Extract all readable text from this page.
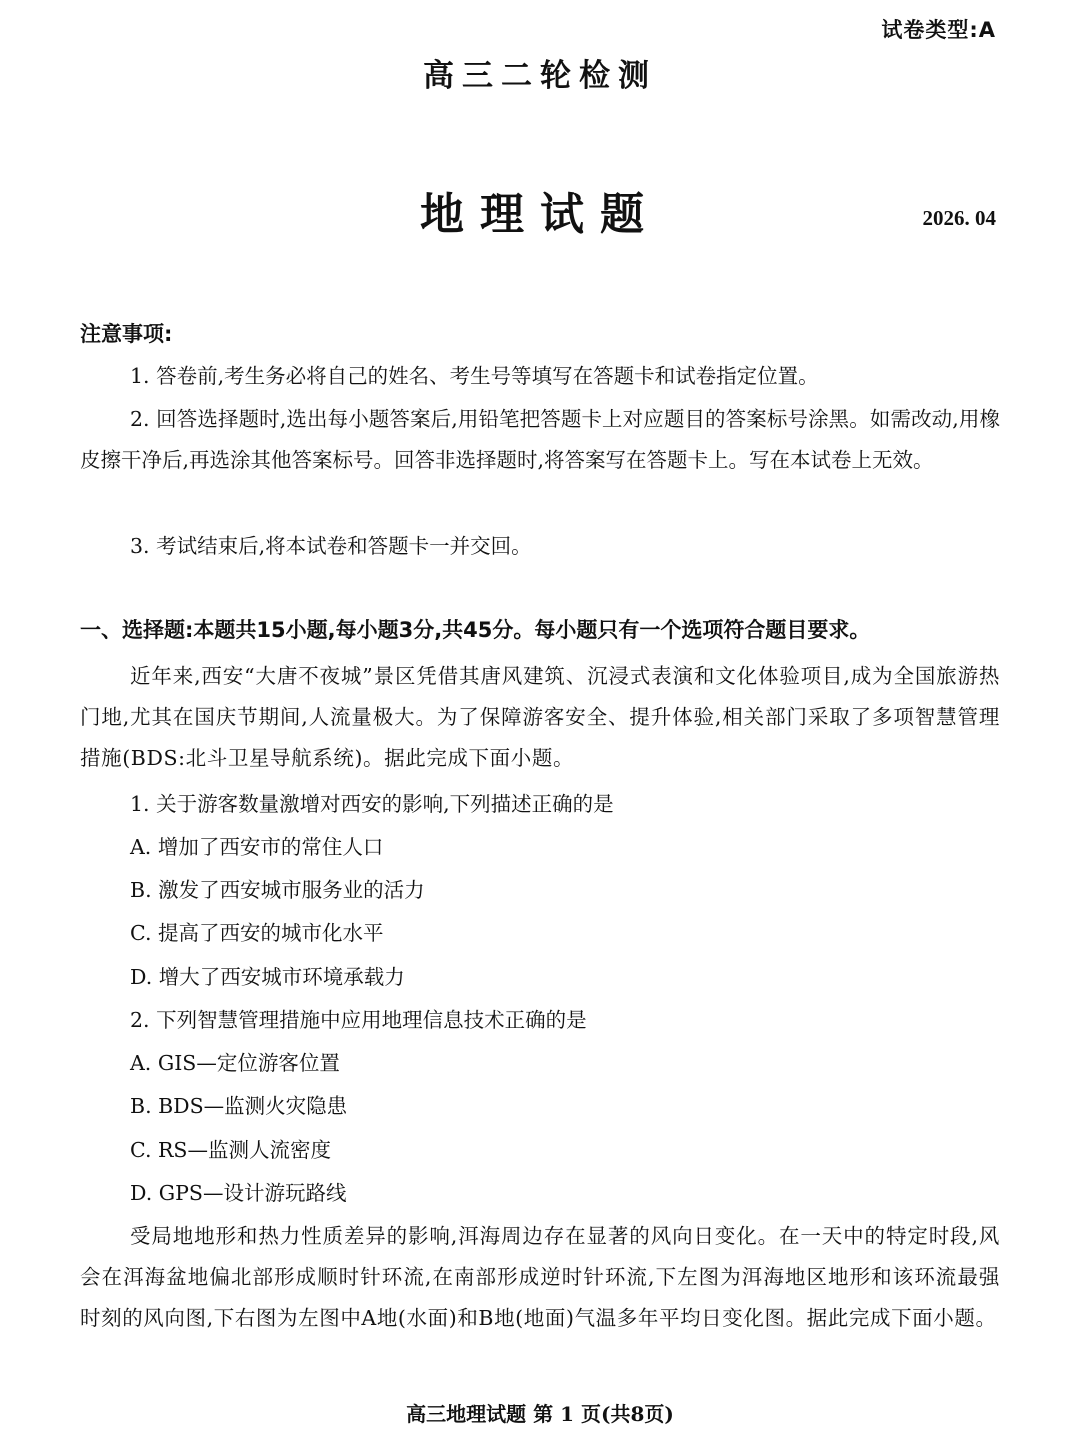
试卷类型:A
高三二轮检测
地理试题	2026. 04
注意事项:
1. 答卷前,考生务必将自己的姓名、考生号等填写在答题卡和试卷指定位置。
2. 回答选择题时,选出每小题答案后,用铅笔把答题卡上对应题目的答案标号涂黑。如需改动,用橡皮擦干净后,再选涂其他答案标号。回答非选择题时,将答案写在答题卡上。写在本试卷上无效。
3. 考试结束后,将本试卷和答题卡一并交回。
一、选择题:本题共15小题,每小题3分,共45分。每小题只有一个选项符合题目要求。
近年来,西安“大唐不夜城”景区凭借其唐风建筑、沉浸式表演和文化体验项目,成为全国旅游热门地,尤其在国庆节期间,人流量极大。为了保障游客安全、提升体验,相关部门采取了多项智慧管理措施(BDS:北斗卫星导航系统)。据此完成下面小题。
1. 关于游客数量激增对西安的影响,下列描述正确的是
A. 增加了西安市的常住人口
B. 激发了西安城市服务业的活力
C. 提高了西安的城市化水平
D. 增大了西安城市环境承载力
2. 下列智慧管理措施中应用地理信息技术正确的是
A. GIS—定位游客位置
B. BDS—监测火灾隐患
C. RS—监测人流密度
D. GPS—设计游玩路线
受局地地形和热力性质差异的影响,洱海周边存在显著的风向日变化。在一天中的特定时段,风会在洱海盆地偏北部形成顺时针环流,在南部形成逆时针环流,下左图为洱海地区地形和该环流最强时刻的风向图,下右图为左图中A地(水面)和B地(地面)气温多年平均日变化图。据此完成下面小题。
高三地理试题 第 1 页(共8页)
